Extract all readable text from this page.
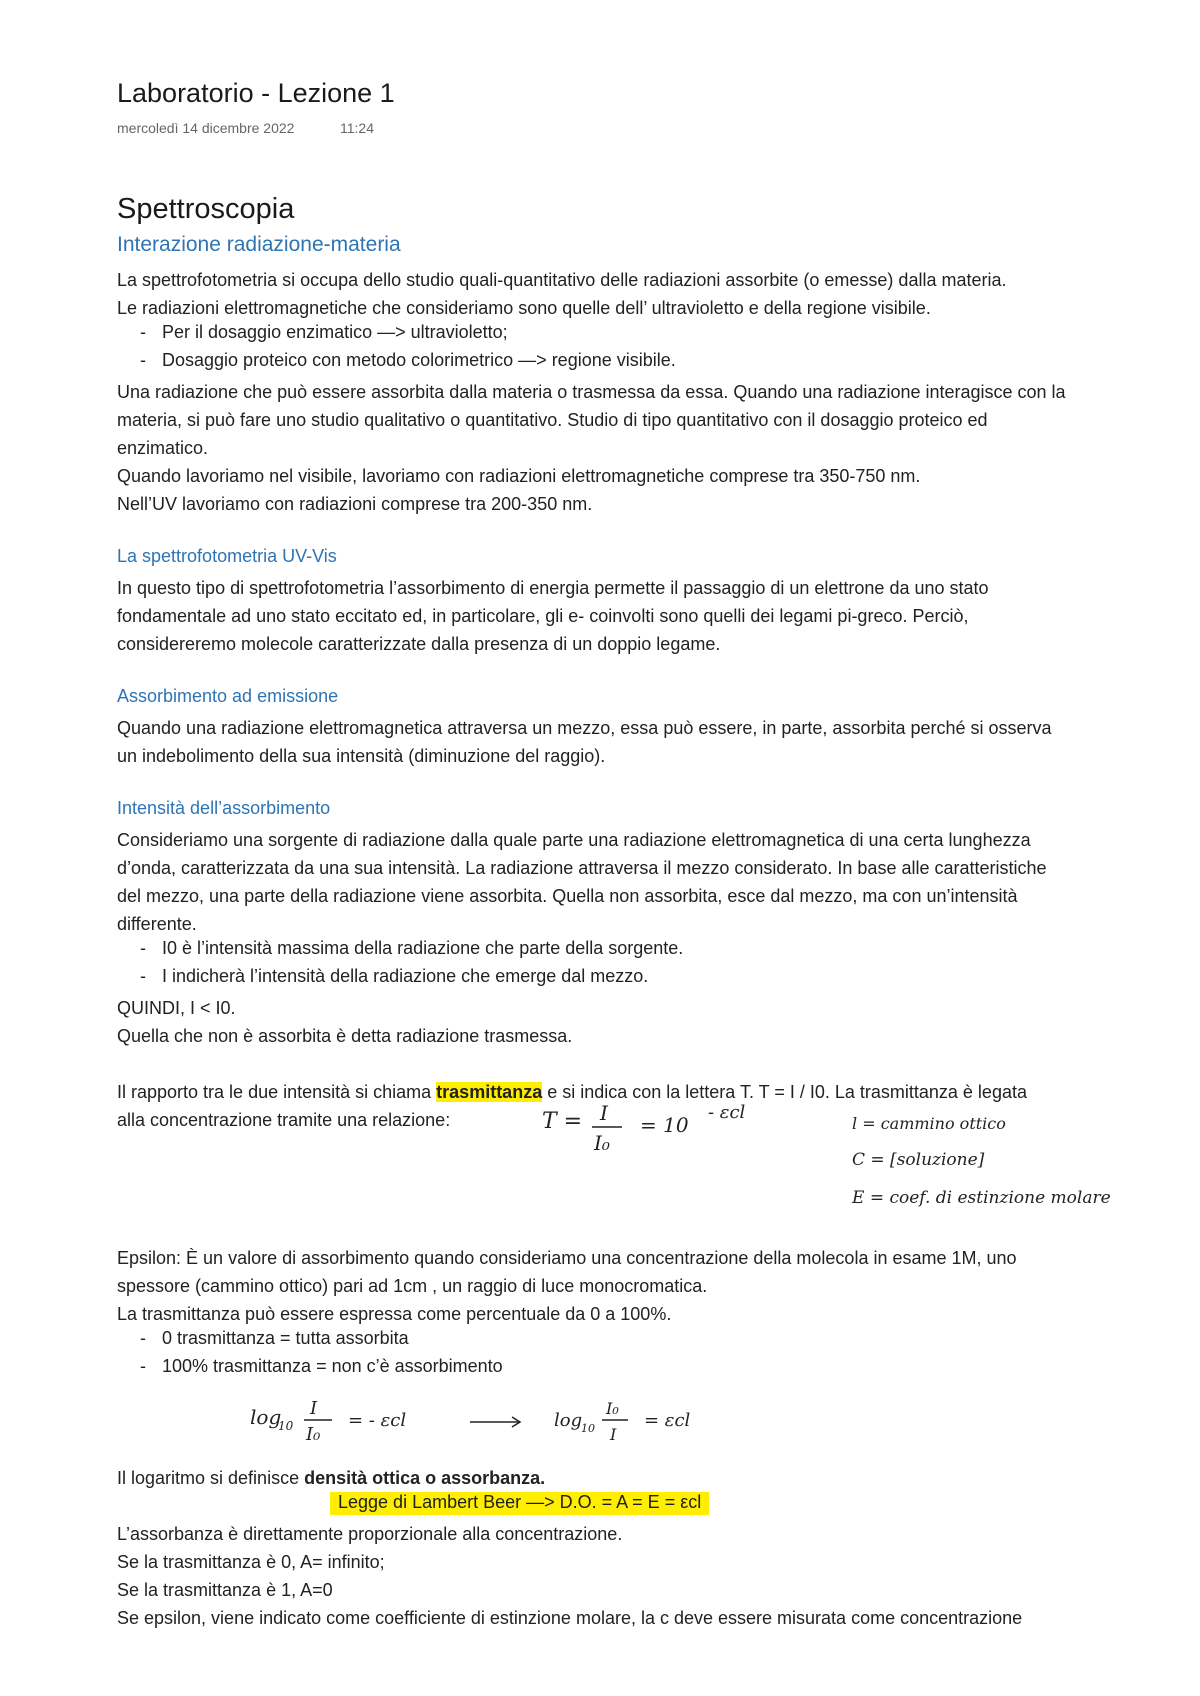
Laboratorio - Lezione 1
mercoledì 14 dicembre 2022	11:24
Spettroscopia
Interazione radiazione-materia
La spettrofotometria si occupa dello studio quali-quantitativo delle radiazioni assorbite (o emesse) dalla materia.
Le radiazioni elettromagnetiche che consideriamo sono quelle dell’ ultravioletto e della regione visibile.
- Per il dosaggio enzimatico —> ultravioletto;
- Dosaggio proteico con metodo colorimetrico —> regione visibile.
Una radiazione che può essere assorbita dalla materia o trasmessa da essa. Quando una radiazione interagisce con la
materia, si può fare uno studio qualitativo o quantitativo. Studio di tipo quantitativo con il dosaggio proteico ed
enzimatico.
Quando lavoriamo nel visibile, lavoriamo con radiazioni elettromagnetiche comprese tra 350-750 nm.
Nell’UV lavoriamo con radiazioni comprese tra 200-350 nm.
La spettrofotometria UV-Vis
In questo tipo di spettrofotometria l’assorbimento di energia permette il passaggio di un elettrone da uno stato
fondamentale ad uno stato eccitato ed, in particolare, gli e- coinvolti sono quelli dei legami pi-greco. Perciò,
considereremo molecole caratterizzate dalla presenza di un doppio legame.
Assorbimento ad emissione
Quando una radiazione elettromagnetica attraversa un mezzo, essa può essere, in parte, assorbita perché si osserva
un indebolimento della sua intensità (diminuzione del raggio).
Intensità dell’assorbimento
Consideriamo una sorgente di radiazione dalla quale parte una radiazione elettromagnetica di una certa lunghezza
d’onda, caratterizzata da una sua intensità. La radiazione attraversa il mezzo considerato. In base alle caratteristiche
del mezzo, una parte della radiazione viene assorbita. Quella non assorbita, esce dal mezzo, ma con un’intensità
differente.
- I0 è l’intensità massima della radiazione che parte della sorgente.
- I indicherà l’intensità della radiazione che emerge dal mezzo.
QUINDI, I < I0.
Quella che non è assorbita è detta radiazione trasmessa.
Il rapporto tra le due intensità si chiama trasmittanza e si indica con la lettera T. T = I / I0. La trasmittanza è legata
alla concentrazione tramite una relazione:	T = I
I₀
= 10
- εcl
l = cammino ottico
C = [soluzione]
E = coef. di estinzione molare
Epsilon: È un valore di assorbimento quando consideriamo una concentrazione della molecola in esame 1M, uno
spessore (cammino ottico) pari ad 1cm , un raggio di luce monocromatica.
La trasmittanza può essere espressa come percentuale da 0 a 100%.
- 0 trasmittanza = tutta assorbita
- 100% trasmittanza = non c’è assorbimento
log
10
I
I₀
= - εcl	log
10
I₀
I
= εcl
Il logaritmo si definisce densità ottica o assorbanza.
Legge di Lambert Beer —> D.O. = A = E = εcl
L’assorbanza è direttamente proporzionale alla concentrazione.
Se la trasmittanza è 0, A= infinito;
Se la trasmittanza è 1, A=0
Se epsilon, viene indicato come coefficiente di estinzione molare, la c deve essere misurata come concentrazione
